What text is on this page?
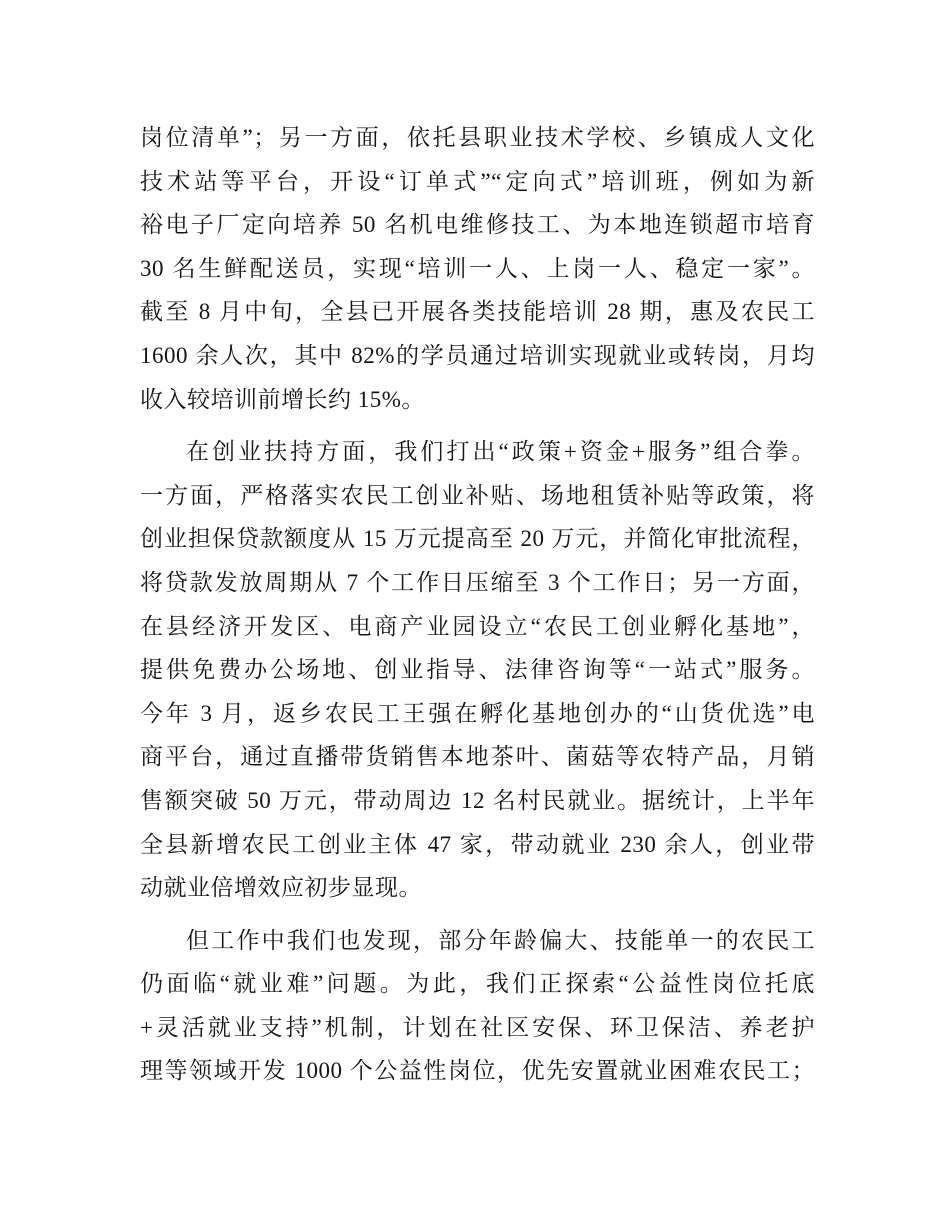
岗位清单”；另一方面，依托县职业技术学校、乡镇成人文化
技术站等平台，开设“订单式”“定向式”培训班，例如为新
裕电子厂定向培养 50 名机电维修技工、为本地连锁超市培育
30 名生鲜配送员，实现“培训一人、上岗一人、稳定一家”。
截至 8 月中旬，全县已开展各类技能培训 28 期，惠及农民工
1600 余人次，其中 82%的学员通过培训实现就业或转岗，月均
收入较培训前增长约 15%。
在创业扶持方面，我们打出“政策+资金+服务”组合拳。
一方面，严格落实农民工创业补贴、场地租赁补贴等政策，将
创业担保贷款额度从 15 万元提高至 20 万元，并简化审批流程，
将贷款发放周期从 7 个工作日压缩至 3 个工作日；另一方面，
在县经济开发区、电商产业园设立“农民工创业孵化基地”，
提供免费办公场地、创业指导、法律咨询等“一站式”服务。
今年 3 月，返乡农民工王强在孵化基地创办的“山货优选”电
商平台，通过直播带货销售本地茶叶、菌菇等农特产品，月销
售额突破 50 万元，带动周边 12 名村民就业。据统计，上半年
全县新增农民工创业主体 47 家，带动就业 230 余人，创业带
动就业倍增效应初步显现。
但工作中我们也发现，部分年龄偏大、技能单一的农民工
仍面临“就业难”问题。为此，我们正探索“公益性岗位托底
+灵活就业支持”机制，计划在社区安保、环卫保洁、养老护
理等领域开发 1000 个公益性岗位，优先安置就业困难农民工；
